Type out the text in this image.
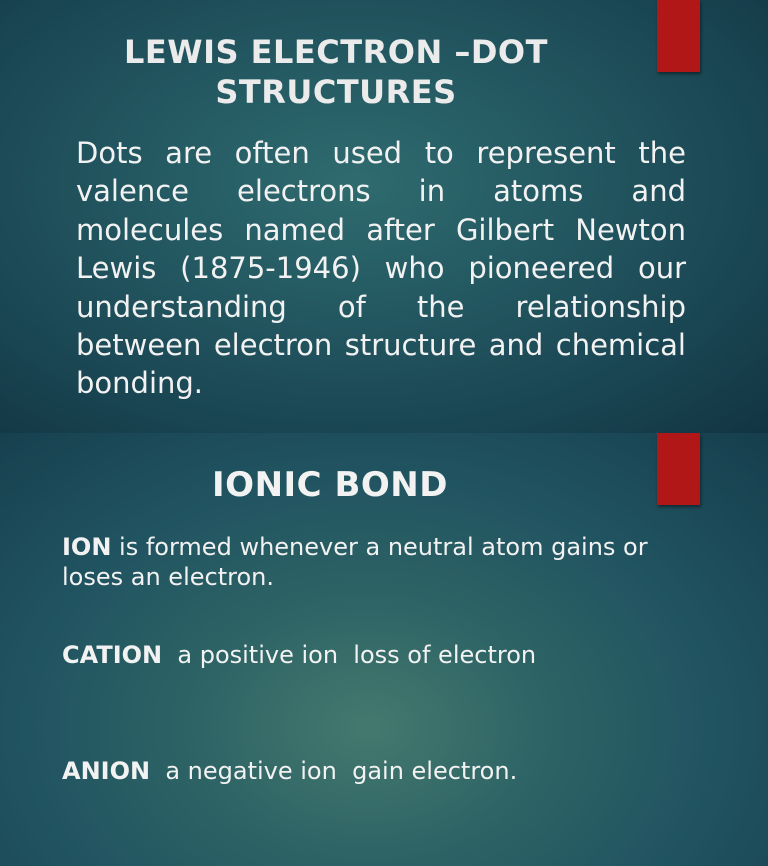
LEWIS ELECTRON –DOT
STRUCTURES
Dots are often used to represent the valence electrons in atoms and molecules named after Gilbert Newton Lewis (1875-1946) who pioneered our understanding of the relationship between electron structure and chemical bonding.
IONIC BOND
ION is formed whenever a neutral atom gains or loses an electron.
CATION  a positive ion  loss of electron
ANION  a negative ion  gain electron.
